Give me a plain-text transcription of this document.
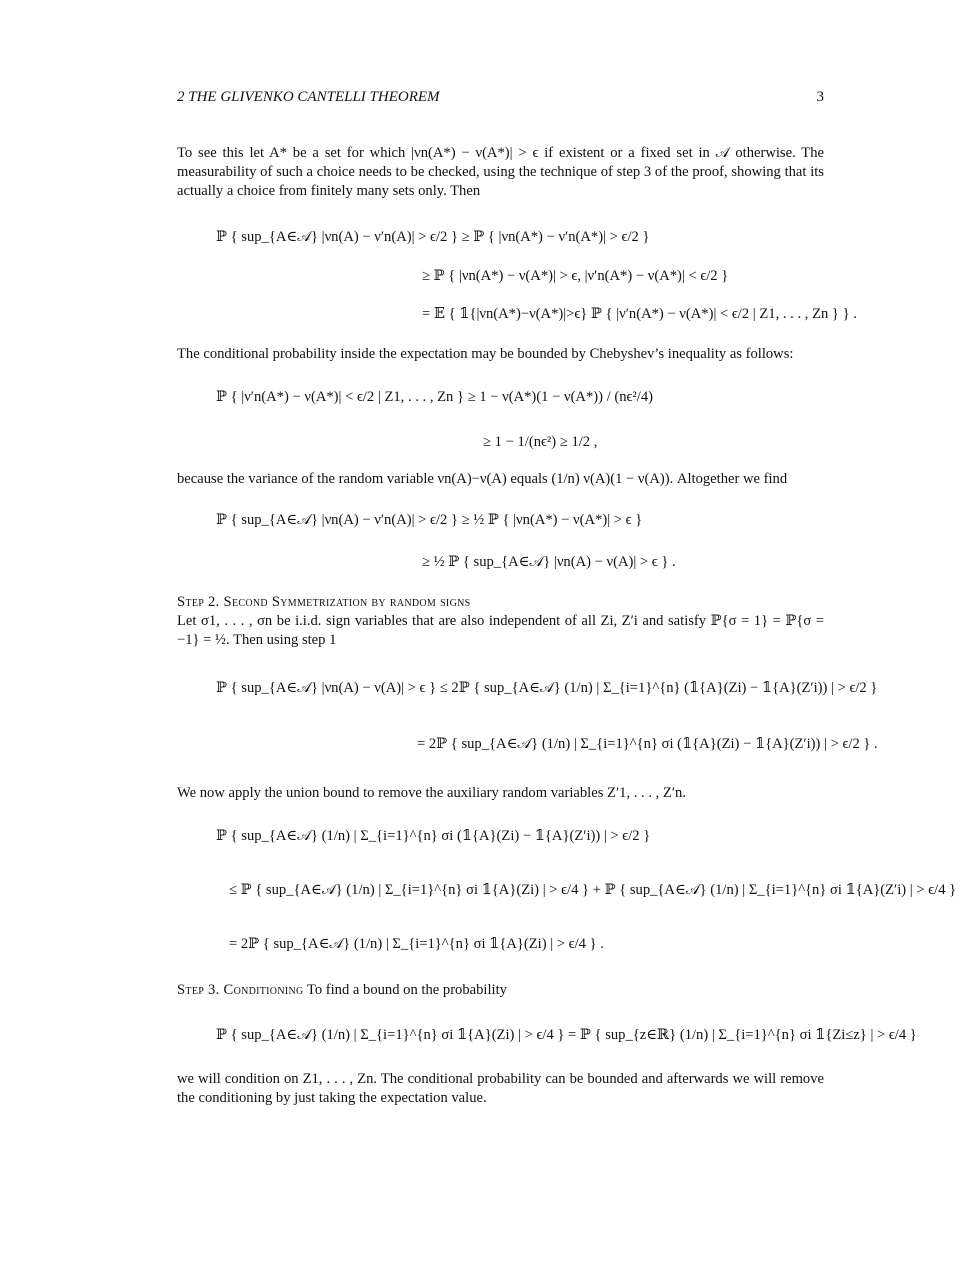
2 THE GLIVENKO CANTELLI THEOREM	3

To see this let A* be a set for which |νn(A*) − ν(A*)| > ϵ if existent or a fixed set in 𝒜 otherwise. The measurability of such a choice needs to be checked, using the technique of step 3 of the proof, showing that its actually a choice from finitely many sets only. Then

ℙ { sup_{A∈𝒜} |νn(A) − ν′n(A)| > ϵ/2 } ≥ ℙ { |νn(A*) − ν′n(A*)| > ϵ/2 }
≥ ℙ { |νn(A*) − ν(A*)| > ϵ, |ν′n(A*) − ν(A*)| < ϵ/2 }
= 𝔼 { 𝟙{|νn(A*)−ν(A*)|>ϵ} ℙ { |ν′n(A*) − ν(A*)| < ϵ/2 | Z1, . . . , Zn } } .

The conditional probability inside the expectation may be bounded by Chebyshev’s inequality as follows:

ℙ { |ν′n(A*) − ν(A*)| < ϵ/2 | Z1, . . . , Zn } ≥ 1 − ν(A*)(1 − ν(A*)) / (nϵ²/4)
≥ 1 − 1/(nϵ²) ≥ 1/2 ,

because the variance of the random variable νn(A)−ν(A) equals (1/n) ν(A)(1 − ν(A)). Altogether we find

ℙ { sup_{A∈𝒜} |νn(A) − ν′n(A)| > ϵ/2 } ≥ ½ ℙ { |νn(A*) − ν(A*)| > ϵ }
≥ ½ ℙ { sup_{A∈𝒜} |νn(A) − ν(A)| > ϵ } .

Step 2. Second Symmetrization by random signs

Let σ1, . . . , σn be i.i.d. sign variables that are also independent of all Zi, Z′i and satisfy ℙ{σ = 1} = ℙ{σ = −1} = ½. Then using step 1

ℙ { sup_{A∈𝒜} |νn(A) − ν(A)| > ϵ } ≤ 2ℙ { sup_{A∈𝒜} (1/n) | Σ_{i=1}^{n} (𝟙{A}(Zi) − 𝟙{A}(Z′i)) | > ϵ/2 }
= 2ℙ { sup_{A∈𝒜} (1/n) | Σ_{i=1}^{n} σi (𝟙{A}(Zi) − 𝟙{A}(Z′i)) | > ϵ/2 } .

We now apply the union bound to remove the auxiliary random variables Z′1, . . . , Z′n.

ℙ { sup_{A∈𝒜} (1/n) | Σ_{i=1}^{n} σi (𝟙{A}(Zi) − 𝟙{A}(Z′i)) | > ϵ/2 }
≤ ℙ { sup_{A∈𝒜} (1/n) | Σ_{i=1}^{n} σi 𝟙{A}(Zi) | > ϵ/4 } + ℙ { sup_{A∈𝒜} (1/n) | Σ_{i=1}^{n} σi 𝟙{A}(Z′i) | > ϵ/4 }
= 2ℙ { sup_{A∈𝒜} (1/n) | Σ_{i=1}^{n} σi 𝟙{A}(Zi) | > ϵ/4 } .

Step 3. Conditioning To find a bound on the probability

ℙ { sup_{A∈𝒜} (1/n) | Σ_{i=1}^{n} σi 𝟙{A}(Zi) | > ϵ/4 } = ℙ { sup_{z∈ℝ} (1/n) | Σ_{i=1}^{n} σi 𝟙{Zi≤z} | > ϵ/4 }

we will condition on Z1, . . . , Zn. The conditional probability can be bounded and afterwards we will remove the conditioning by just taking the expectation value.
